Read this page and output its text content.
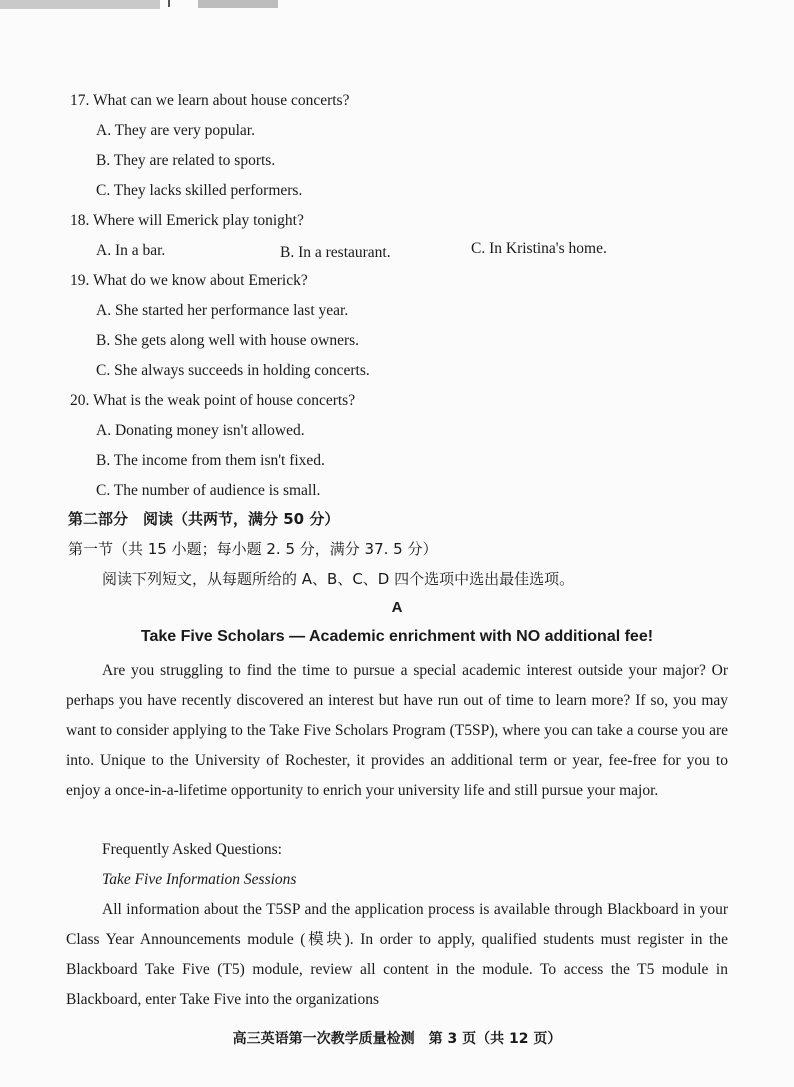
17. What can we learn about house concerts?
A. They are very popular.
B. They are related to sports.
C. They lacks skilled performers.
18. Where will Emerick play tonight?
A. In a bar.	B. In a restaurant.	C. In Kristina's home.
19. What do we know about Emerick?
A. She started her performance last year.
B. She gets along well with house owners.
C. She always succeeds in holding concerts.
20. What is the weak point of house concerts?
A. Donating money isn't allowed.
B. The income from them isn't fixed.
C. The number of audience is small.
第二部分　阅读（共两节，满分 50 分）
第一节（共 15 小题；每小题 2. 5 分，满分 37. 5 分）
阅读下列短文，从每题所给的 A、B、C、D 四个选项中选出最佳选项。
A
Take Five Scholars — Academic enrichment with NO additional fee!
Are you struggling to find the time to pursue a special academic interest outside your major? Or perhaps you have recently discovered an interest but have run out of time to learn more? If so, you may want to consider applying to the Take Five Scholars Program (T5SP), where you can take a course you are into. Unique to the University of Rochester, it provides an additional term or year, fee-free for you to enjoy a once-in-a-lifetime opportunity to enrich your university life and still pursue your major.
Frequently Asked Questions:
Take Five Information Sessions
All information about the T5SP and the application process is available through Blackboard in your Class Year Announcements module (模块). In order to apply, qualified students must register in the Blackboard Take Five (T5) module, review all content in the module. To access the T5 module in Blackboard, enter Take Five into the organizations
高三英语第一次教学质量检测　第 3 页（共 12 页）
